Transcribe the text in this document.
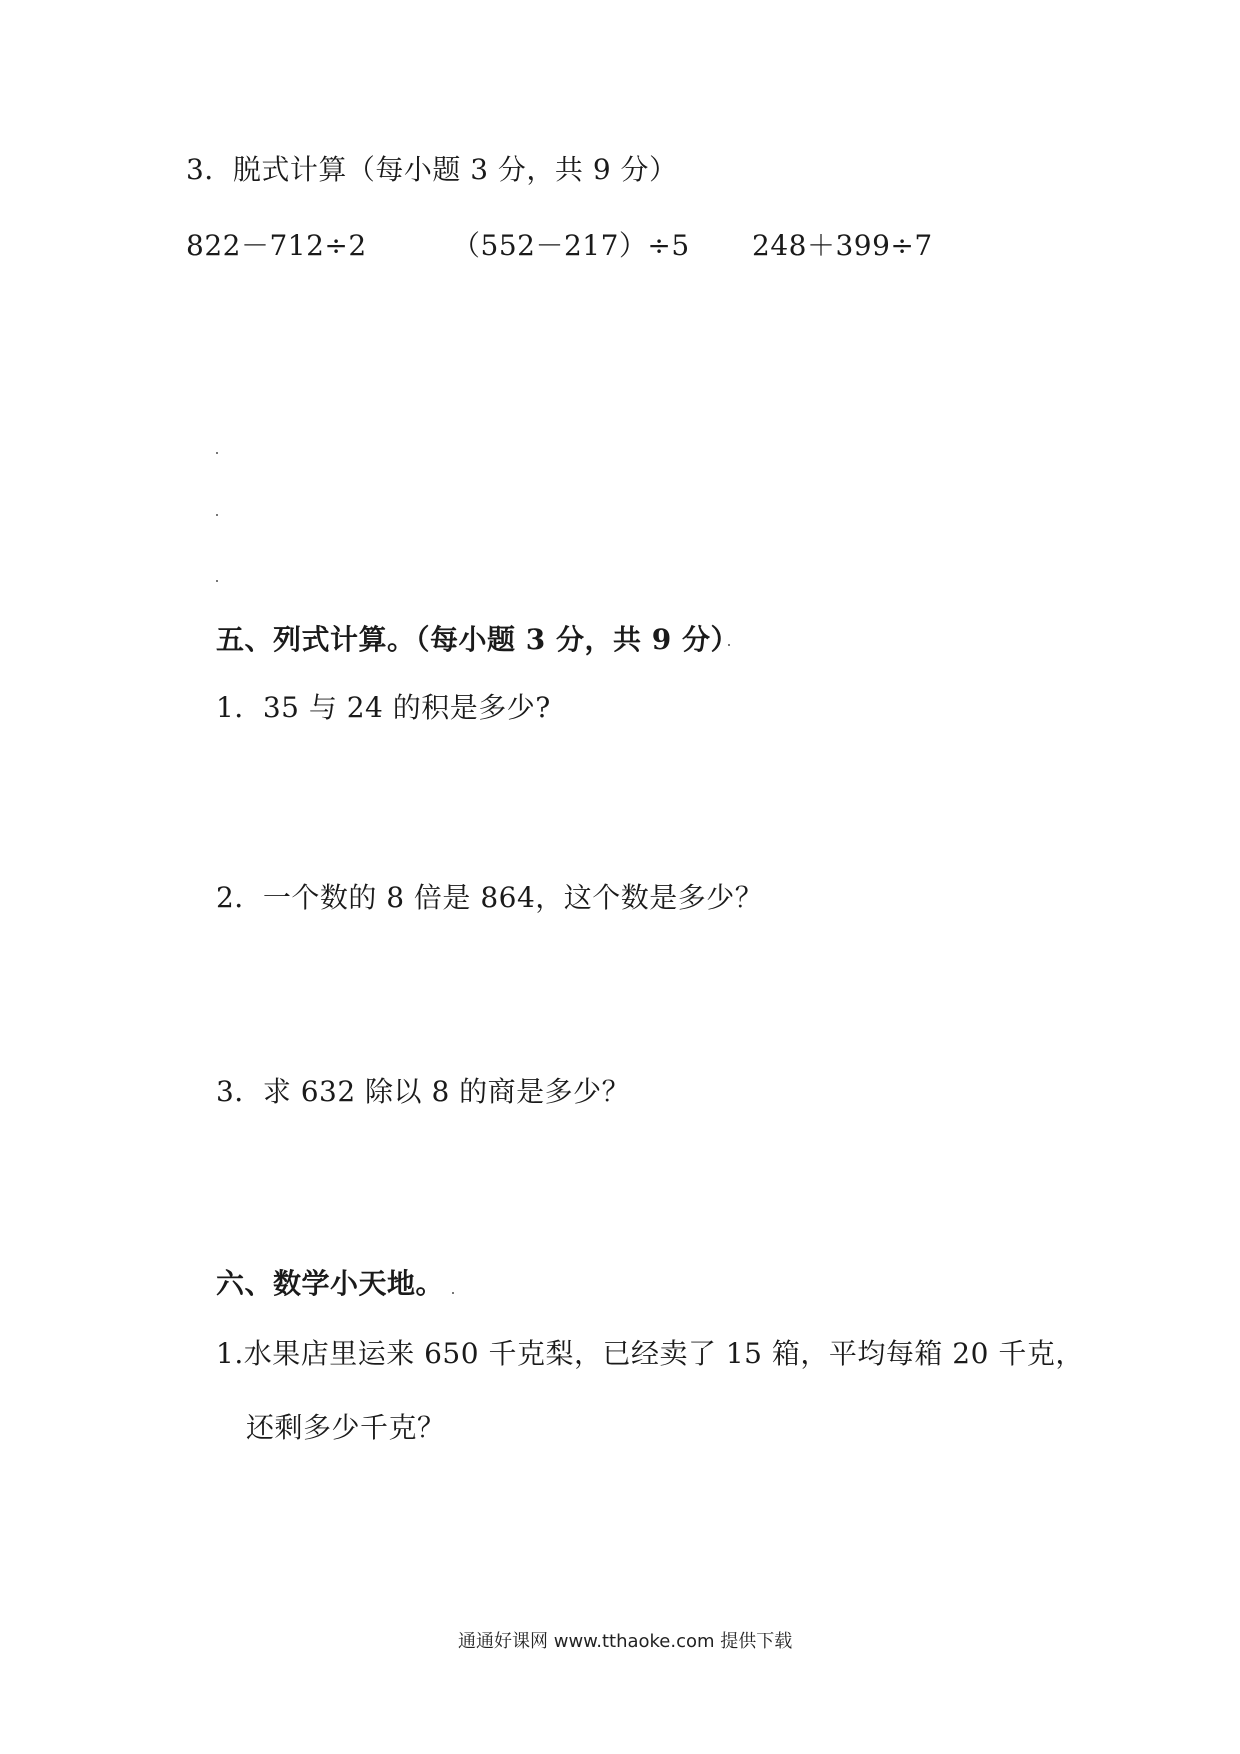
3．脱式计算（每小题 3 分，共 9 分）
822－712÷2	（552－217）÷5 248＋399÷7
五、列式计算。（每小题 3 分，共 9 分）
1．35 与 24 的积是多少?
2．一个数的 8 倍是 864，这个数是多少？
3．求 632 除以 8 的商是多少？
六、数学小天地。
1.水果店里运来 650 千克梨，已经卖了 15 箱，平均每箱 20 千克，
还剩多少千克？
通通好课网 www.tthaoke.com 提供下载
